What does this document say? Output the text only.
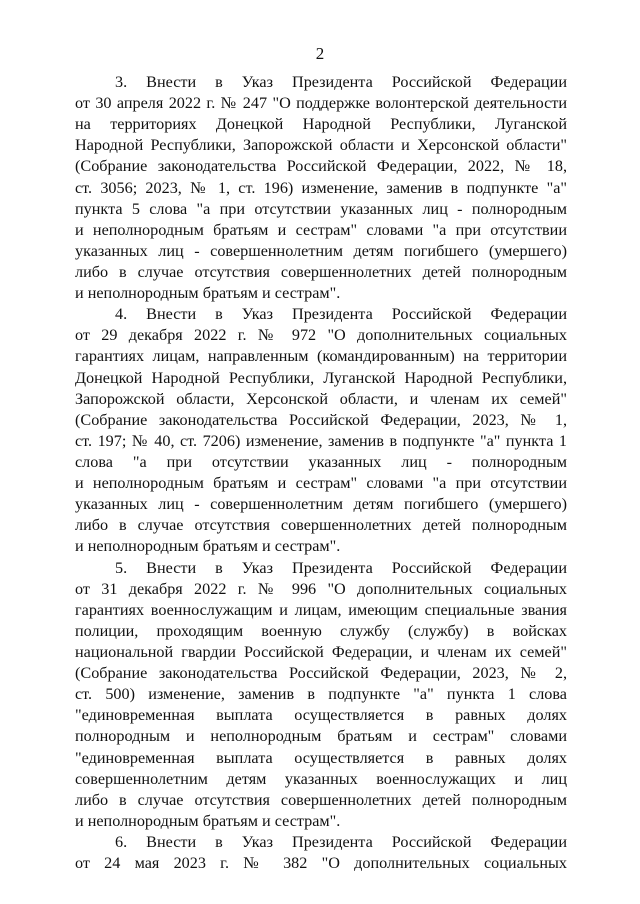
2
3. Внести в Указ Президента Российской Федерации
от 30 апреля 2022 г. № 247 "О поддержке волонтерской деятельности
на территориях Донецкой Народной Республики, Луганской
Народной Республики, Запорожской области и Херсонской области"
(Собрание законодательства Российской Федерации, 2022, № 18,
ст. 3056; 2023, № 1, ст. 196) изменение, заменив в подпункте "а"
пункта 5 слова "а при отсутствии указанных лиц - полнородным
и неполнородным братьям и сестрам" словами "а при отсутствии
указанных лиц - совершеннолетним детям погибшего (умершего)
либо в случае отсутствия совершеннолетних детей полнородным
и неполнородным братьям и сестрам".
4. Внести в Указ Президента Российской Федерации
от 29 декабря 2022 г. № 972 "О дополнительных социальных
гарантиях лицам, направленным (командированным) на территории
Донецкой Народной Республики, Луганской Народной Республики,
Запорожской области, Херсонской области, и членам их семей"
(Собрание законодательства Российской Федерации, 2023, № 1,
ст. 197; № 40, ст. 7206) изменение, заменив в подпункте "а" пункта 1
слова "а при отсутствии указанных лиц - полнородным
и неполнородным братьям и сестрам" словами "а при отсутствии
указанных лиц - совершеннолетним детям погибшего (умершего)
либо в случае отсутствия совершеннолетних детей полнородным
и неполнородным братьям и сестрам".
5. Внести в Указ Президента Российской Федерации
от 31 декабря 2022 г. № 996 "О дополнительных социальных
гарантиях военнослужащим и лицам, имеющим специальные звания
полиции, проходящим военную службу (службу) в войсках
национальной гвардии Российской Федерации, и членам их семей"
(Собрание законодательства Российской Федерации, 2023, № 2,
ст. 500) изменение, заменив в подпункте "а" пункта 1 слова
"единовременная выплата осуществляется в равных долях
полнородным и неполнородным братьям и сестрам" словами
"единовременная выплата осуществляется в равных долях
совершеннолетним детям указанных военнослужащих и лиц
либо в случае отсутствия совершеннолетних детей полнородным
и неполнородным братьям и сестрам".
6. Внести в Указ Президента Российской Федерации
от 24 мая 2023 г. № 382 "О дополнительных социальных
